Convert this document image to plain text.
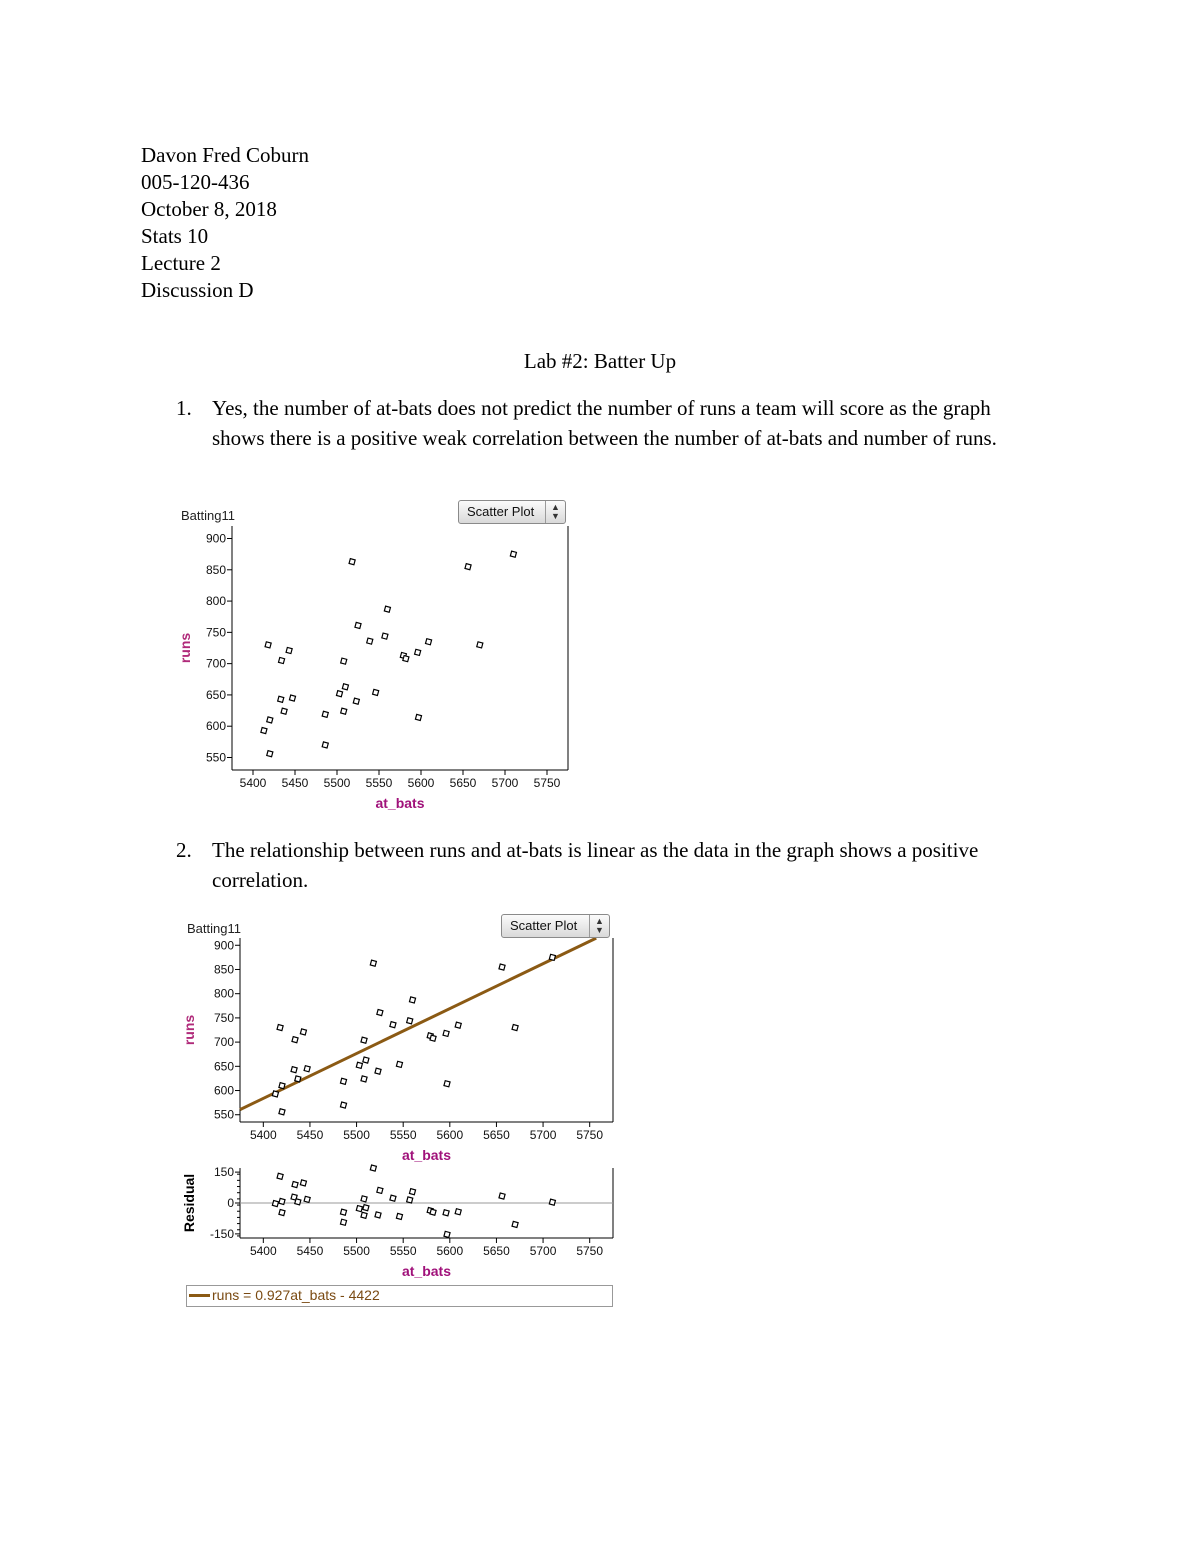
Davon Fred Coburn
005-120-436
October 8, 2018
Stats 10
Lecture 2
Discussion D
Lab #2: Batter Up
1. Yes, the number of at-bats does not predict the number of runs a team will score as the graph shows there is a positive weak correlation between the number of at-bats and number of runs.
Batting11	Scatter Plot	▲
▼
5400 5450 5500 5550 5600 5650 5700 5750
550
600
650
700
750
800
850
900
at_bats
runs
2. The relationship between runs and at-bats is linear as the data in the graph shows a positive correlation.
Batting11	Scatter Plot	▲
▼
5400 5450 5500 5550 5600 5650 5700 5750
550
600
650
700
750
800
850
900
at_bats
runs
5400 5450 5500 5550 5600 5650 5700 5750
-150
0
150
at_bats
Residual
runs = 0.927at_bats - 4422
